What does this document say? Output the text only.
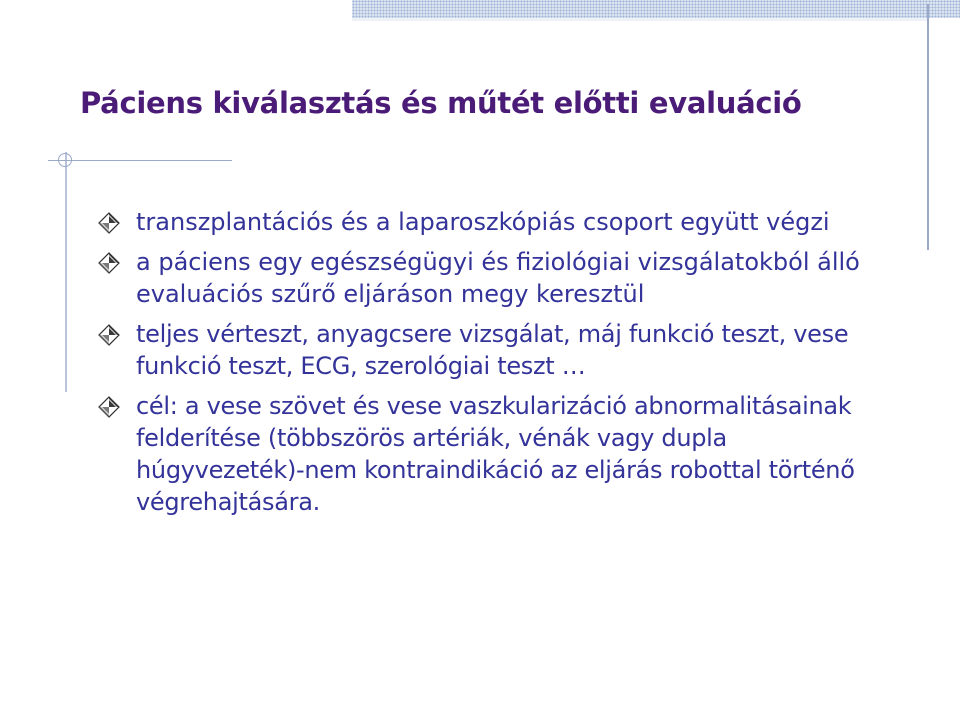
Páciens kiválasztás és műtét előtti evaluáció
transzplantációs és a laparoszkópiás csoport együtt végzi
a páciens egy egészségügyi és fiziológiai vizsgálatokból álló evaluációs szűrő eljáráson megy keresztül
teljes vérteszt, anyagcsere vizsgálat, máj funkció teszt, vese funkció teszt, ECG, szerológiai teszt …
cél: a vese szövet és vese vaszkularizáció abnormalitásainak felderítése (többszörös artériák, vénák vagy dupla húgyvezeték)-nem kontraindikáció az eljárás robottal történő végrehajtására.
